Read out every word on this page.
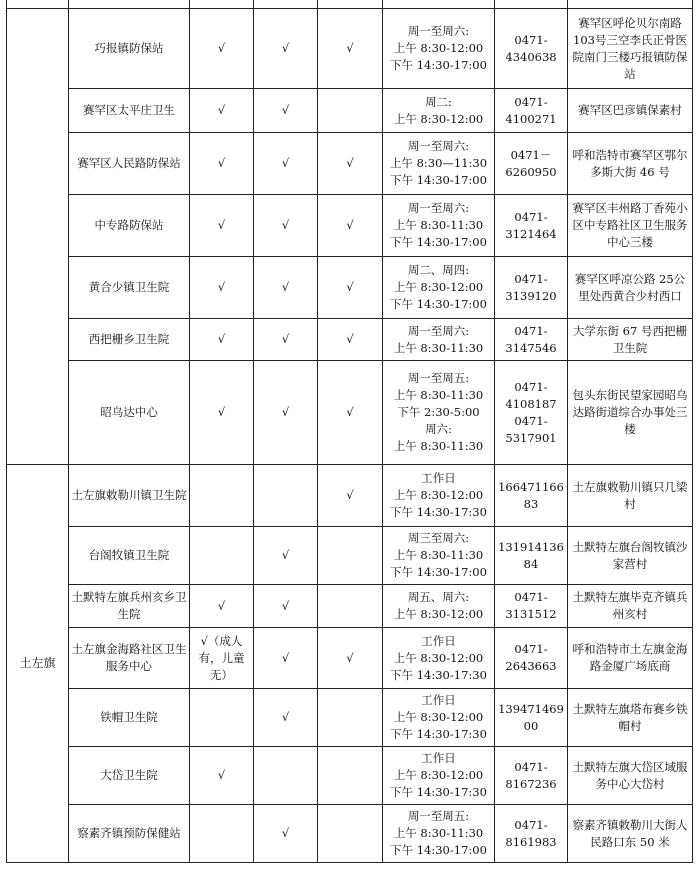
	巧报镇防保站	√	√	√	周一至周六:
上午 8:30-12:00
下午 14:30-17:00	0471-
4340638	赛罕区呼伦贝尔南路103号三空李氏正骨医院南门三楼巧报镇防保站
	赛罕区太平庄卫生	√	√		周二:
上午 8:30-12:00	0471-
4100271	赛罕区巴彦镇保素村
	赛罕区人民路防保站	√	√	√	周一至周六:
上午 8:30—11:30
下午 14:30-17:00	0471－
6260950	呼和浩特市赛罕区鄂尔多斯大街 46 号
	中专路防保站	√	√	√	周一至周六:
上午 8:30-11:30
下午 14:30-17:00	0471-
3121464	赛罕区丰州路丁香苑小区中专路社区卫生服务中心三楼
	黄合少镇卫生院	√	√	√	周二、周四:
上午 8:30-12:00
下午 14:30-17:00	0471-
3139120	赛罕区呼凉公路 25公里处西黄合少村西口
	西把栅乡卫生院	√	√	√	周一至周六:
上午 8:30-11:30	0471-
3147546	大学东街 67 号西把栅卫生院
	昭乌达中心	√	√	√	周一至周五:
上午 8:30-11:30
下午 2:30-5:00
周六:
上午 8:30-11:30	0471-
4108187
0471-
5317901	包头东街民望家园昭乌达路街道综合办事处三楼
土左旗	土左旗敕勒川镇卫生院			√	工作日
上午 8:30-12:00
下午 14:30-17:30	166471166
83	土左旗敕勒川镇只几梁村
	台阁牧镇卫生院		√		周三至周六:
上午 8:30-11:30
下午 14:30-17:00	131914136
84	土默特左旗台阁牧镇沙家营村
	土默特左旗兵州亥乡卫生院	√	√		周五、周六:
上午 8:30-12:00	0471-
3131512	土默特左旗毕克齐镇兵州亥村
	土左旗金海路社区卫生服务中心	√（成人有，儿童无）	√	√	工作日
上午 8:30-12:00
下午 14:30-17:30	0471-
2643663	呼和浩特市土左旗金海路金厦广场底商
	铁帽卫生院		√		工作日
上午 8:30-12:00
下午 14:30-17:30	139471469
00	土默特左旗塔布赛乡铁帽村
	大岱卫生院	√			工作日
上午 8:30-12:00
下午 14:30-17:30	0471-
8167236	土默特左旗大岱区域服务中心大岱村
	察素齐镇预防保健站		√		周一至周五:
上午 8:30-11:30
下午 14:30-17:00	0471-
8161983	察素齐镇敕勒川大街人民路口东 50 米
